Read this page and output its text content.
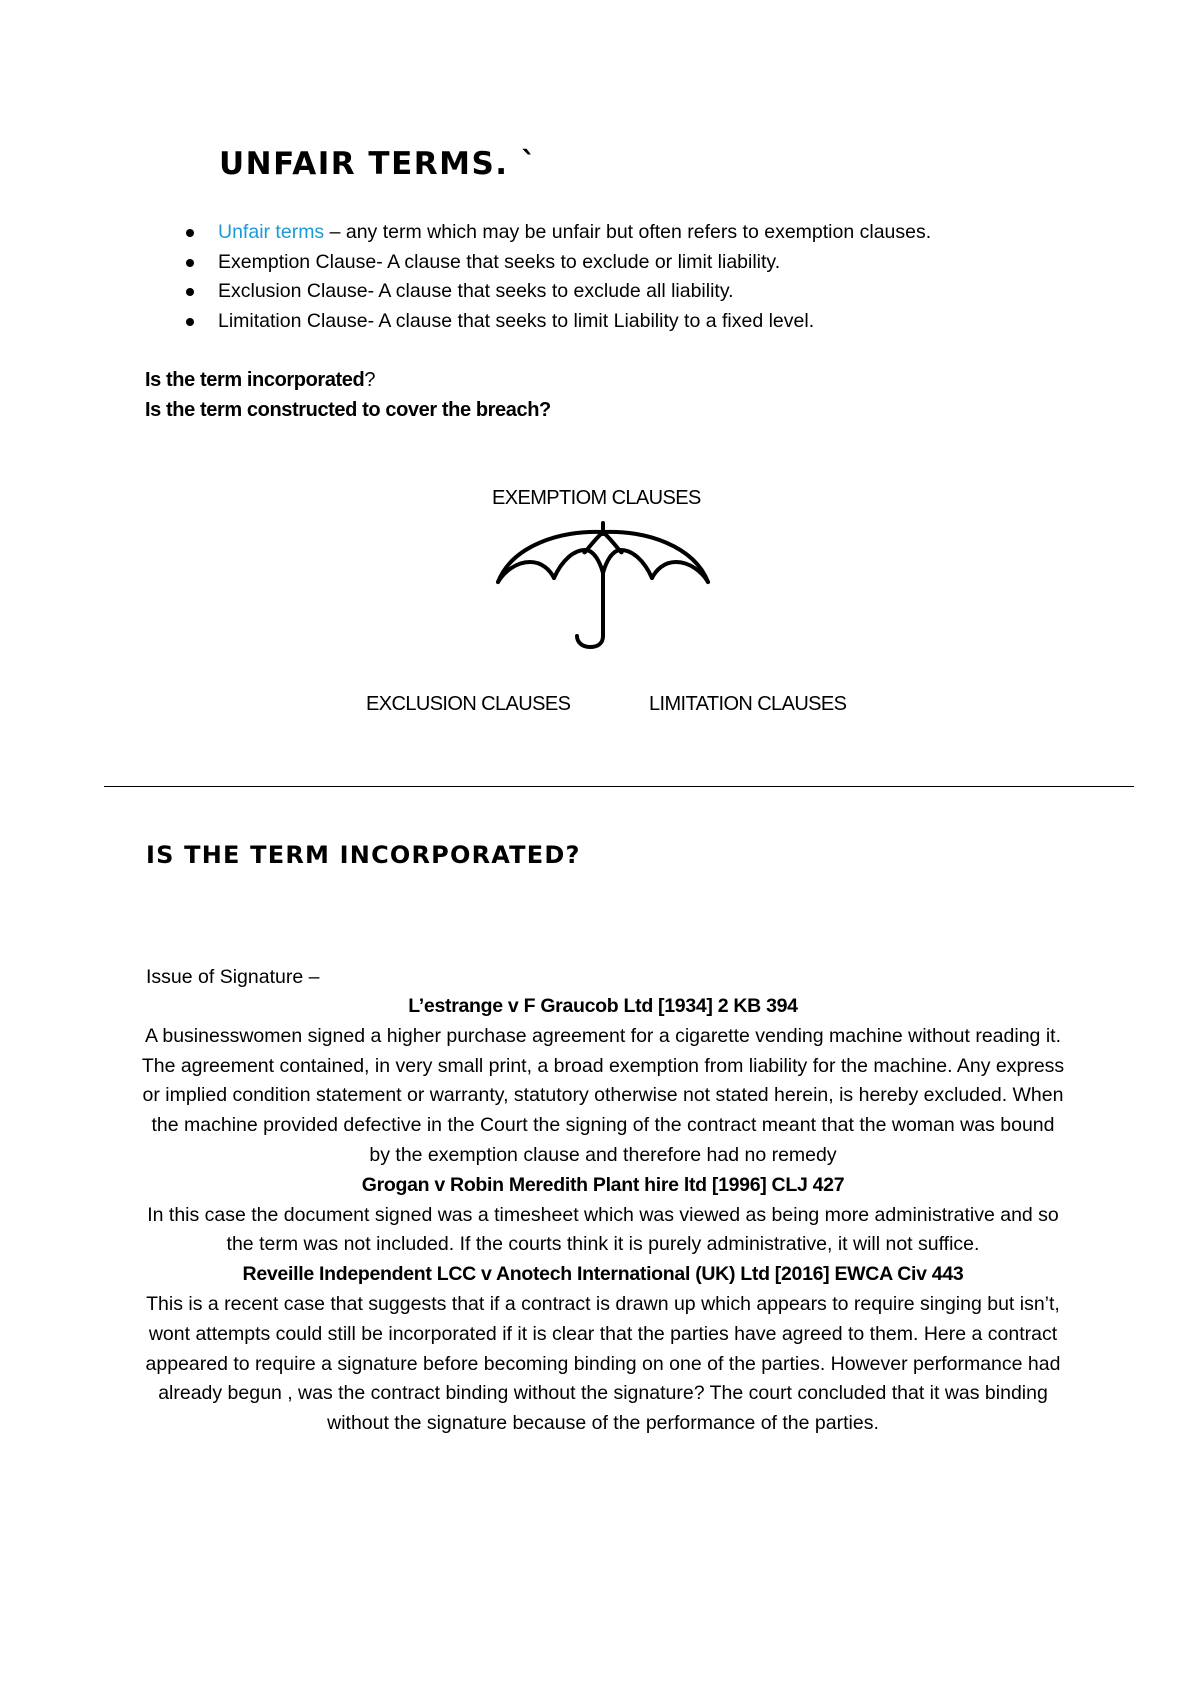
UNFAIR TERMS. `
Unfair terms – any term which may be unfair but often refers to exemption clauses.
Exemption Clause- A clause that seeks to exclude or limit liability.
Exclusion Clause- A clause that seeks to exclude all liability.
Limitation Clause- A clause that seeks to limit Liability to a fixed level.
Is the term incorporated?
Is the term constructed to cover the breach?
EXEMPTIOM CLAUSES
EXCLUSION CLAUSES	LIMITATION CLAUSES
IS THE TERM INCORPORATED?
Issue of Signature –
L’estrange v F Graucob Ltd [1934] 2 KB 394

A businesswomen signed a higher purchase agreement for a cigarette vending machine without reading it. The agreement contained, in very small print, a broad exemption from liability for the machine. Any express or implied condition statement or warranty, statutory otherwise not stated herein, is hereby excluded. When the machine provided defective in the Court the signing of the contract meant that the woman was bound by the exemption clause and therefore had no remedy

Grogan v Robin Meredith Plant hire ltd [1996] CLJ 427

In this case the document signed was a timesheet which was viewed as being more administrative and so the term was not included. If the courts think it is purely administrative, it will not suffice.

Reveille Independent LCC v Anotech International (UK) Ltd [2016] EWCA Civ 443

This is a recent case that suggests that if a contract is drawn up which appears to require singing but isn’t, wont attempts could still be incorporated if it is clear that the parties have agreed to them. Here a contract appeared to require a signature before becoming binding on one of the parties. However performance had already begun , was the contract binding without the signature? The court concluded that it was binding without the signature because of the performance of the parties.
